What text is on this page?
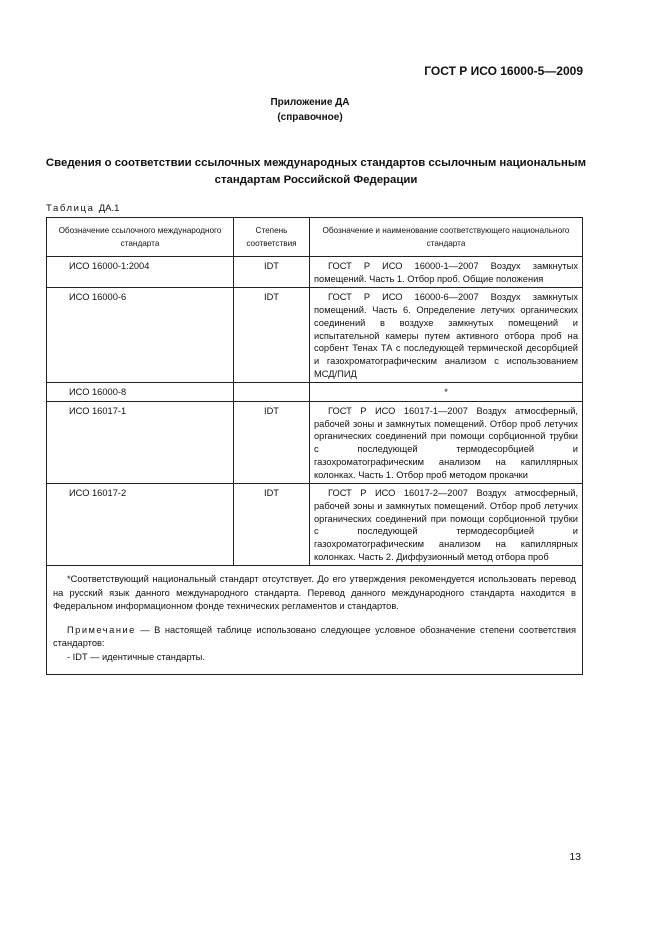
ГОСТ Р ИСО 16000-5—2009
Приложение ДА
(справочное)
Сведения о соответствии ссылочных международных стандартов ссылочным национальным
стандартам Российской Федерации
Таблица ДА.1
Обозначение ссылочного международного стандарта	Степень соответствия	Обозначение и наименование соответствующего национального стандарта
ИСО 16000-1:2004	IDT	ГОСТ Р ИСО 16000-1—2007 Воздух замкнутых помещений. Часть 1. Отбор проб. Общие положения

ИСО 16000-6	IDT	ГОСТ Р ИСО 16000-6—2007 Воздух замкнутых помещений. Часть 6. Определение летучих органических соединений в воздухе замкнутых помещений и испытательной камеры путем активного отбора проб на сорбент Тенах ТА с последующей термической десорбцией и газохроматографическим анализом с использованием МСД/ПИД

ИСО 16000-8		*
ИСО 16017-1	IDT	ГОСТ Р ИСО 16017-1—2007 Воздух атмосферный, рабочей зоны и замкнутых помещений. Отбор проб летучих органических соединений при помощи сорбционной трубки с последующей термодесорбцией и газохроматографическим анализом на капиллярных колонках. Часть 1. Отбор проб методом прокачки

ИСО 16017-2	IDT	ГОСТ Р ИСО 16017-2—2007 Воздух атмосферный, рабочей зоны и замкнутых помещений. Отбор проб летучих органических соединений при помощи сорбционной трубки с последующей термодесорбцией и газохроматографическим анализом на капиллярных колонках. Часть 2. Диффузионный метод отбора проб

*Соответствующий национальный стандарт отсутствует. До его утверждения рекомендуется использовать перевод на русский язык данного международного стандарта. Перевод данного международного стандарта находится в Федеральном информационном фонде технических регламентов и стандартов.
Примечание — В настоящей таблице использовано следующее условное обозначение степени соответствия стандартов:
- IDT — идентичные стандарты.		
13
